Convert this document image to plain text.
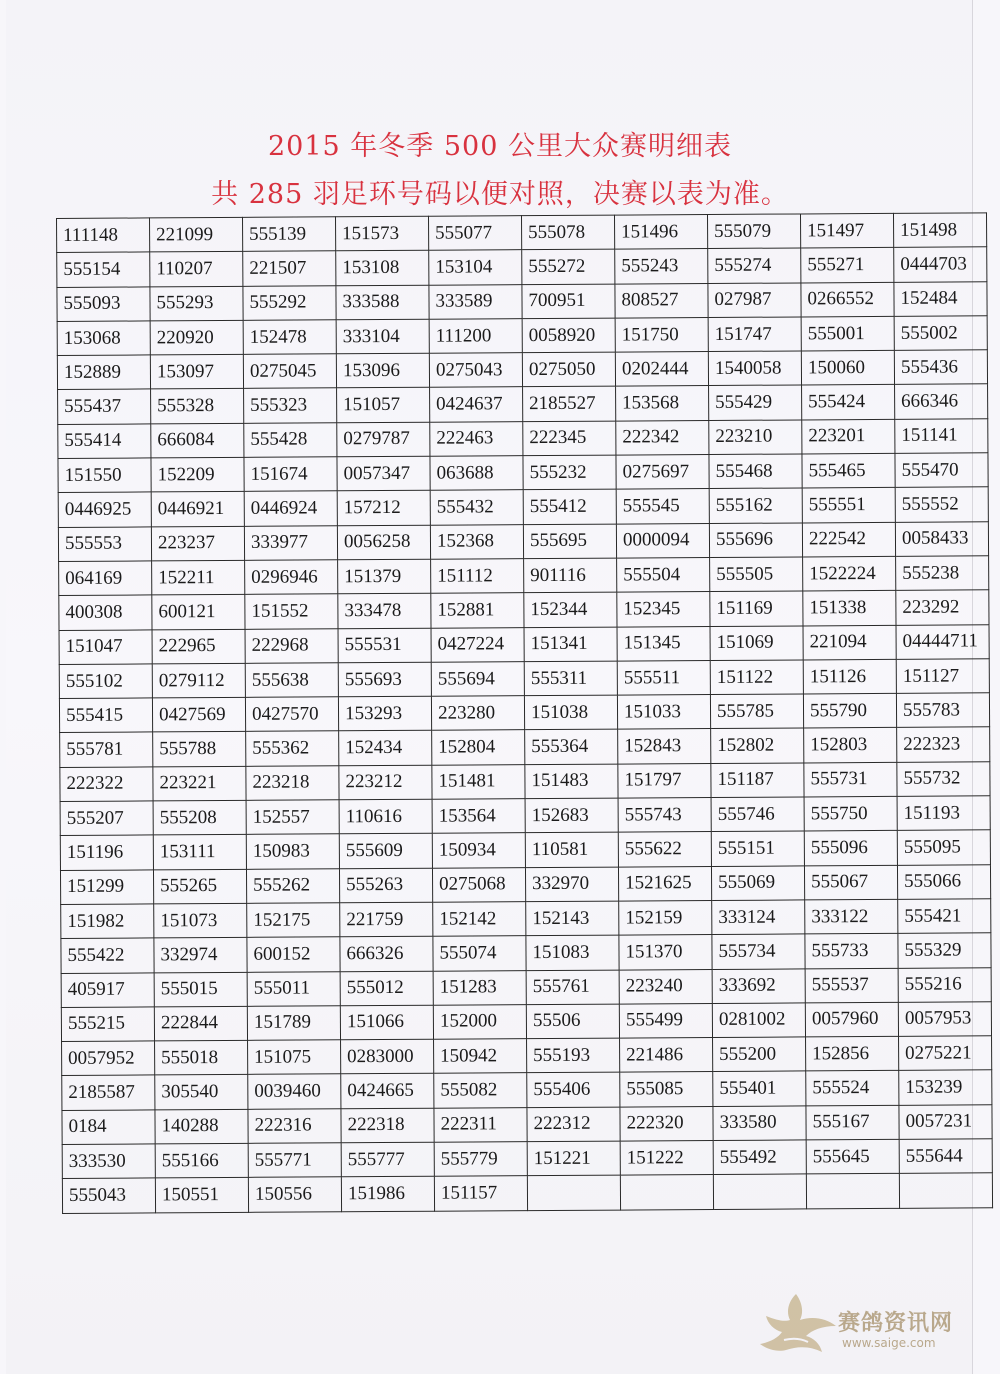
2015 年冬季 500 公里大众赛明细表
共 285 羽足环号码以便对照，决赛以表为准。
111148	221099	555139	151573	555077	555078	151496	555079	151497	151498
555154	110207	221507	153108	153104	555272	555243	555274	555271	0444703
555093	555293	555292	333588	333589	700951	808527	027987	0266552	152484
153068	220920	152478	333104	111200	0058920	151750	151747	555001	555002
152889	153097	0275045	153096	0275043	0275050	0202444	1540058	150060	555436
555437	555328	555323	151057	0424637	2185527	153568	555429	555424	666346
555414	666084	555428	0279787	222463	222345	222342	223210	223201	151141
151550	152209	151674	0057347	063688	555232	0275697	555468	555465	555470
0446925	0446921	0446924	157212	555432	555412	555545	555162	555551	555552
555553	223237	333977	0056258	152368	555695	0000094	555696	222542	0058433
064169	152211	0296946	151379	151112	901116	555504	555505	1522224	555238
400308	600121	151552	333478	152881	152344	152345	151169	151338	223292
151047	222965	222968	555531	0427224	151341	151345	151069	221094	04444711
555102	0279112	555638	555693	555694	555311	555511	151122	151126	151127
555415	0427569	0427570	153293	223280	151038	151033	555785	555790	555783
555781	555788	555362	152434	152804	555364	152843	152802	152803	222323
222322	223221	223218	223212	151481	151483	151797	151187	555731	555732
555207	555208	152557	110616	153564	152683	555743	555746	555750	151193
151196	153111	150983	555609	150934	110581	555622	555151	555096	555095
151299	555265	555262	555263	0275068	332970	1521625	555069	555067	555066
151982	151073	152175	221759	152142	152143	152159	333124	333122	555421
555422	332974	600152	666326	555074	151083	151370	555734	555733	555329
405917	555015	555011	555012	151283	555761	223240	333692	555537	555216
555215	222844	151789	151066	152000	55506	555499	0281002	0057960	0057953
0057952	555018	151075	0283000	150942	555193	221486	555200	152856	0275221
2185587	305540	0039460	0424665	555082	555406	555085	555401	555524	153239
0184	140288	222316	222318	222311	222312	222320	333580	555167	0057231
333530	555166	555771	555777	555779	151221	151222	555492	555645	555644
555043	150551	150556	151986	151157					
赛鸽资讯网
www.saige.com
